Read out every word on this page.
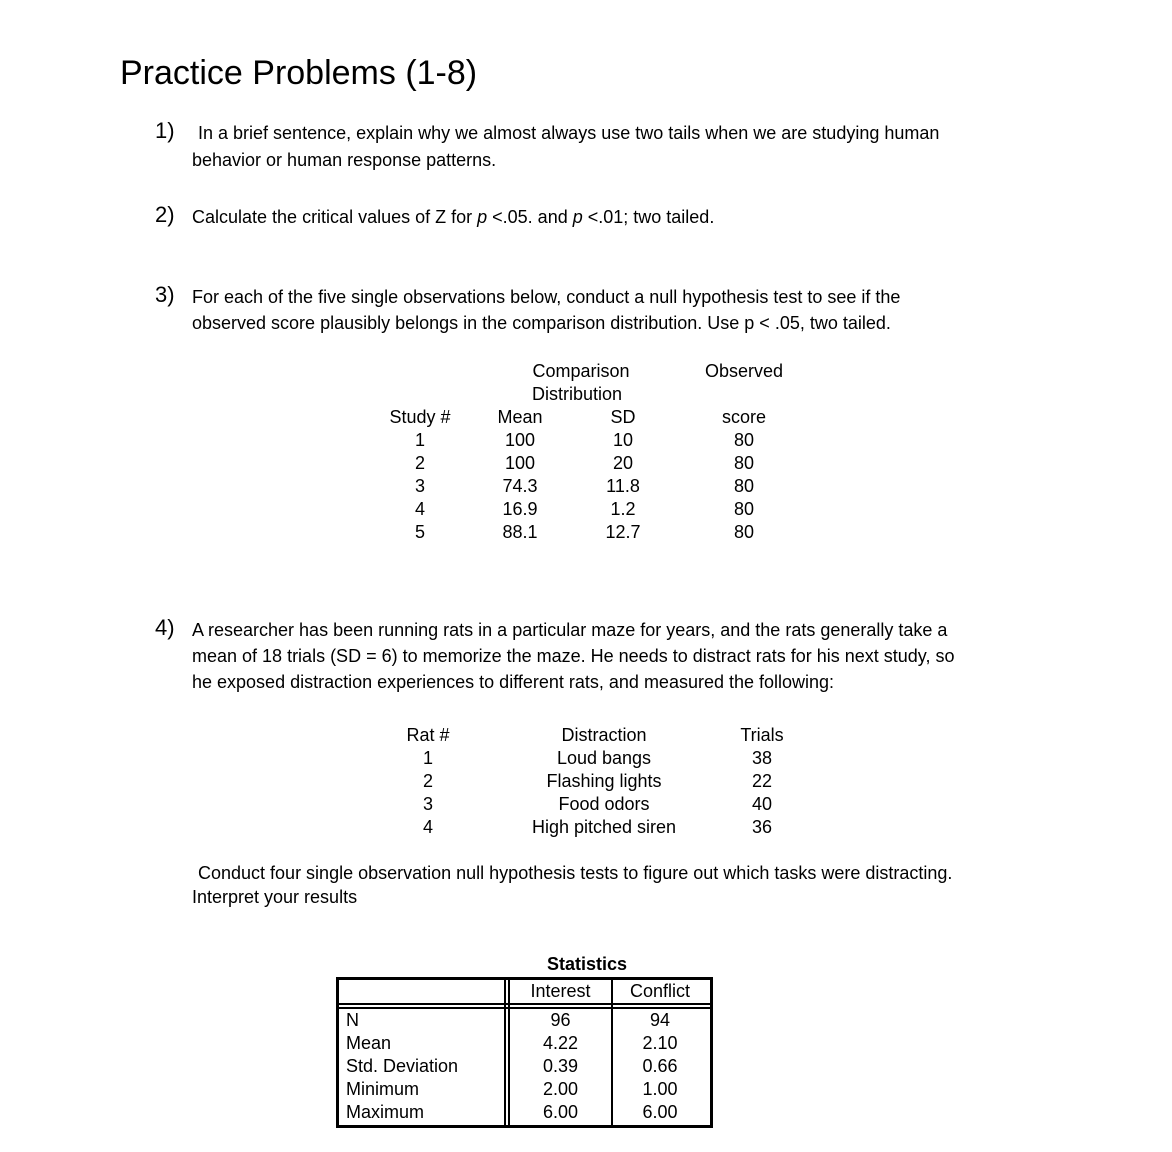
Practice Problems (1-8)
1) In a brief sentence, explain why we almost always use two tails when we are studying human
behavior or human response patterns.
2) Calculate the critical values of Z for p <.05. and p <.01; two tailed.
3) For each of the five single observations below, conduct a null hypothesis test to see if the
observed score plausibly belongs in the comparison distribution. Use p < .05, two tailed.
Comparison
Distribution
Observed
Study #
1
2
3
4
5
Mean
100
100
74.3
16.9
88.1
SD
10
20
11.8
1.2
12.7
score
80
80
80
80
80
4) A researcher has been running rats in a particular maze for years, and the rats generally take a
mean of 18 trials (SD = 6) to memorize the maze. He needs to distract rats for his next study, so
he exposed distraction experiences to different rats, and measured the following:
Rat #
1
2
3
4
Distraction
Loud bangs
Flashing lights
Food odors
High pitched siren
Trials
38
22
40
36
Conduct four single observation null hypothesis tests to figure out which tasks were distracting.
Interpret your results
Statistics
Interest	Conflict
N
Mean
Std. Deviation
Minimum
Maximum
96
4.22
0.39
2.00
6.00
94
2.10
0.66
1.00
6.00
